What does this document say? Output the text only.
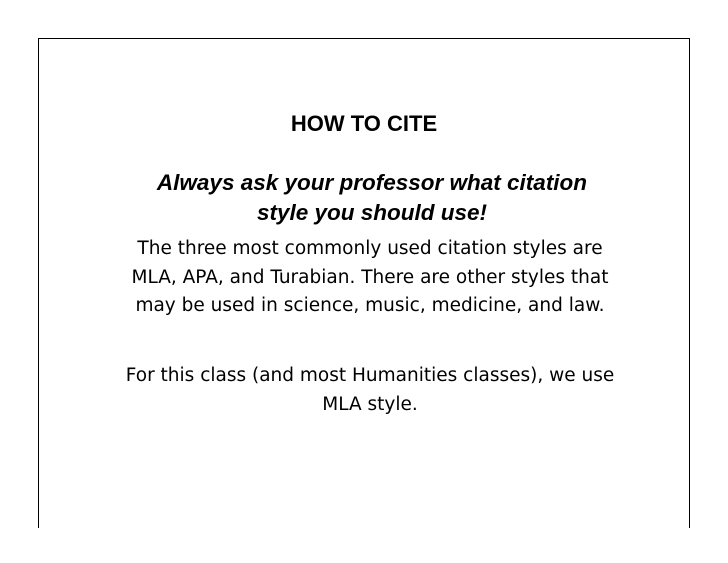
HOW TO CITE
Always ask your professor what citation
style you should use!
The three most commonly used citation styles are
MLA, APA, and Turabian. There are other styles that
may be used in science, music, medicine, and law.
For this class (and most Humanities classes), we use
MLA style.
